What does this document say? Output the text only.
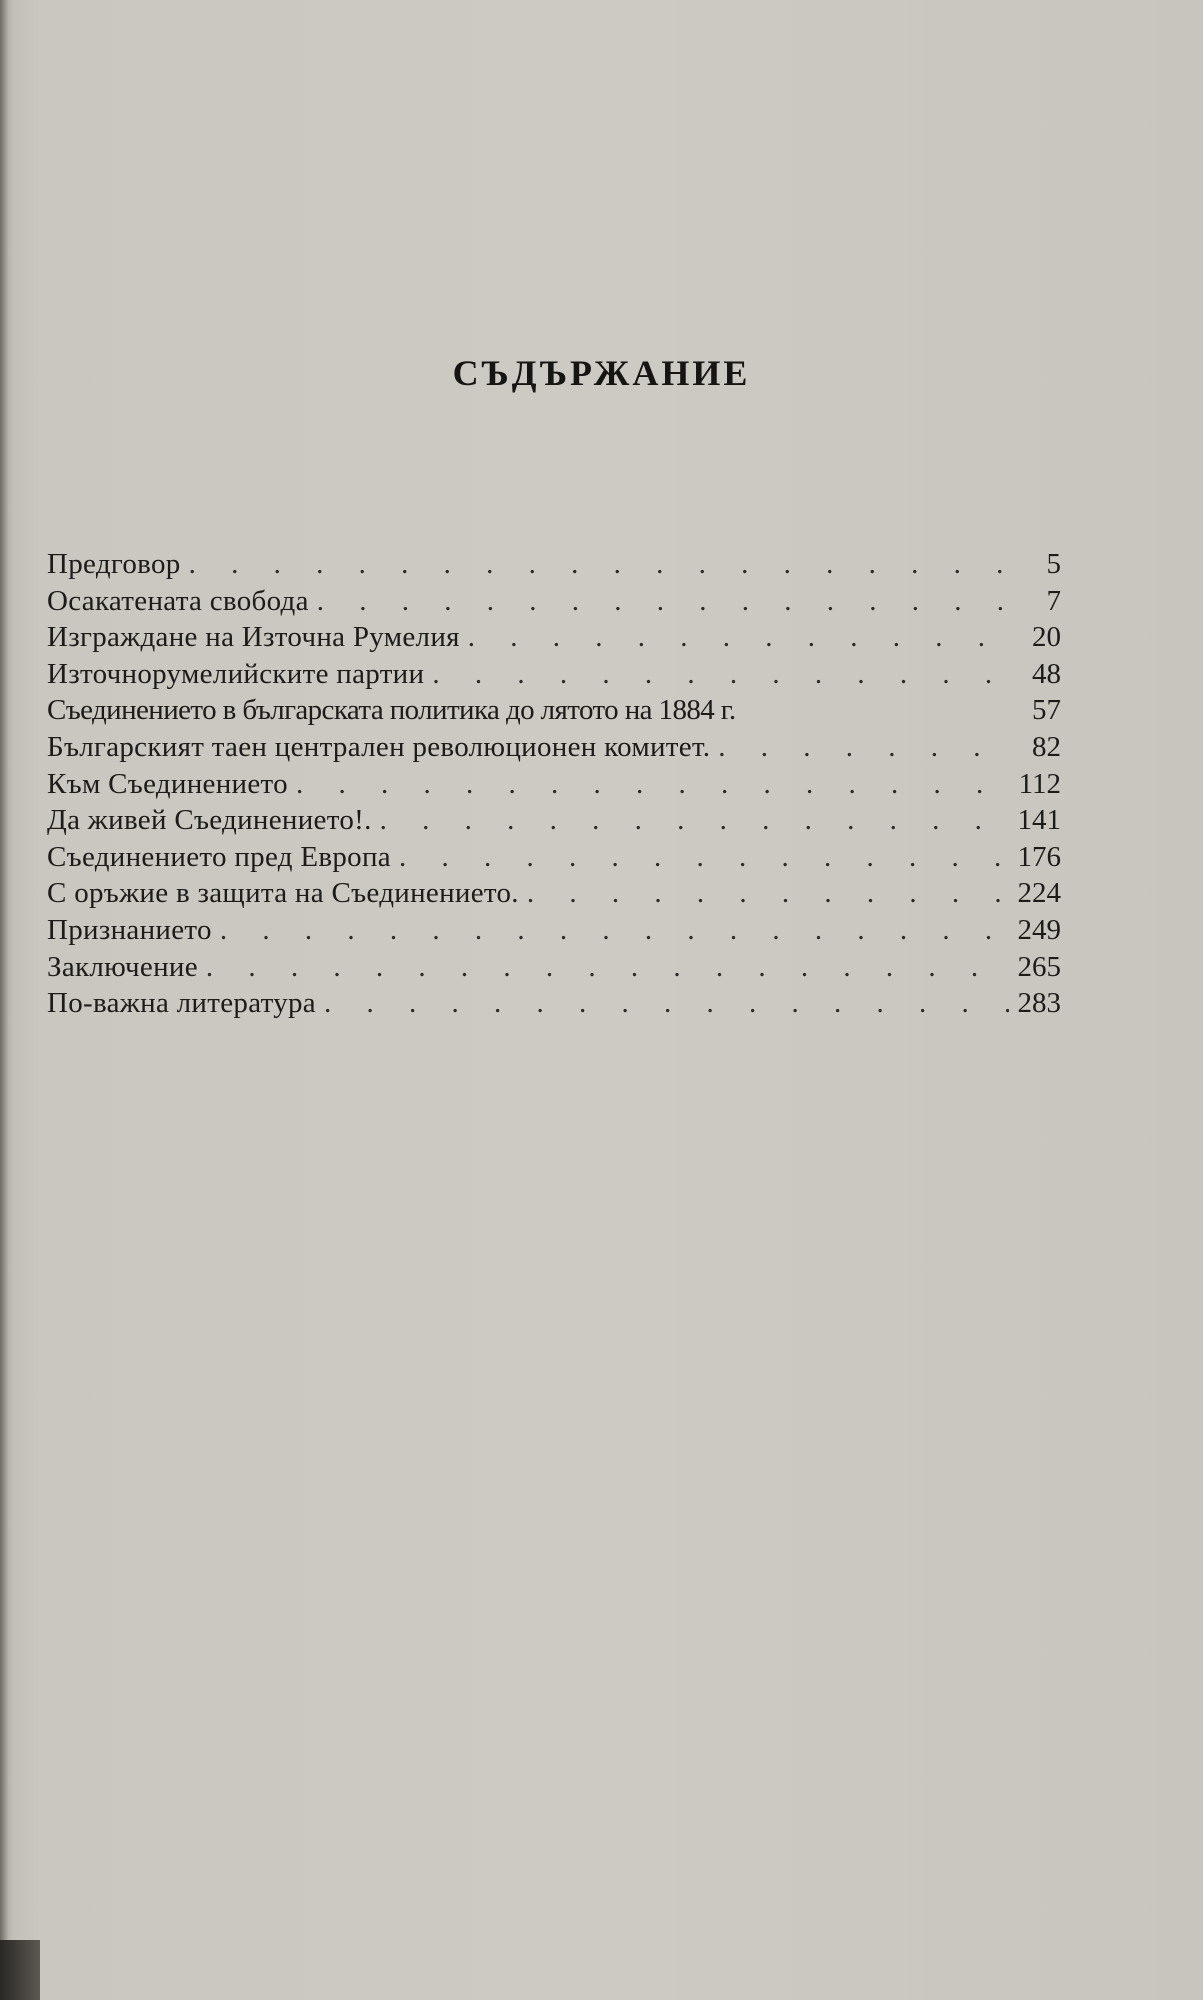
СЪДЪРЖАНИЕ
Предговор . . .	5
Осакатената свобода . . .	7
Изграждане на Източна Румелия . . .	20
Източнорумелийските партии . . .	48
Съединението в българската политика до лятото на 1884 г.	57
Българският таен централен революционен комитет. . . .	82
Към Съединението . . .	112
Да живей Съединението!. . . .	141
Съединението пред Европа . . .	176
С оръжие в защита на Съединението. . . .	224
Признанието . . .	249
Заключение . . .	265
По-важна литература . . .	283
